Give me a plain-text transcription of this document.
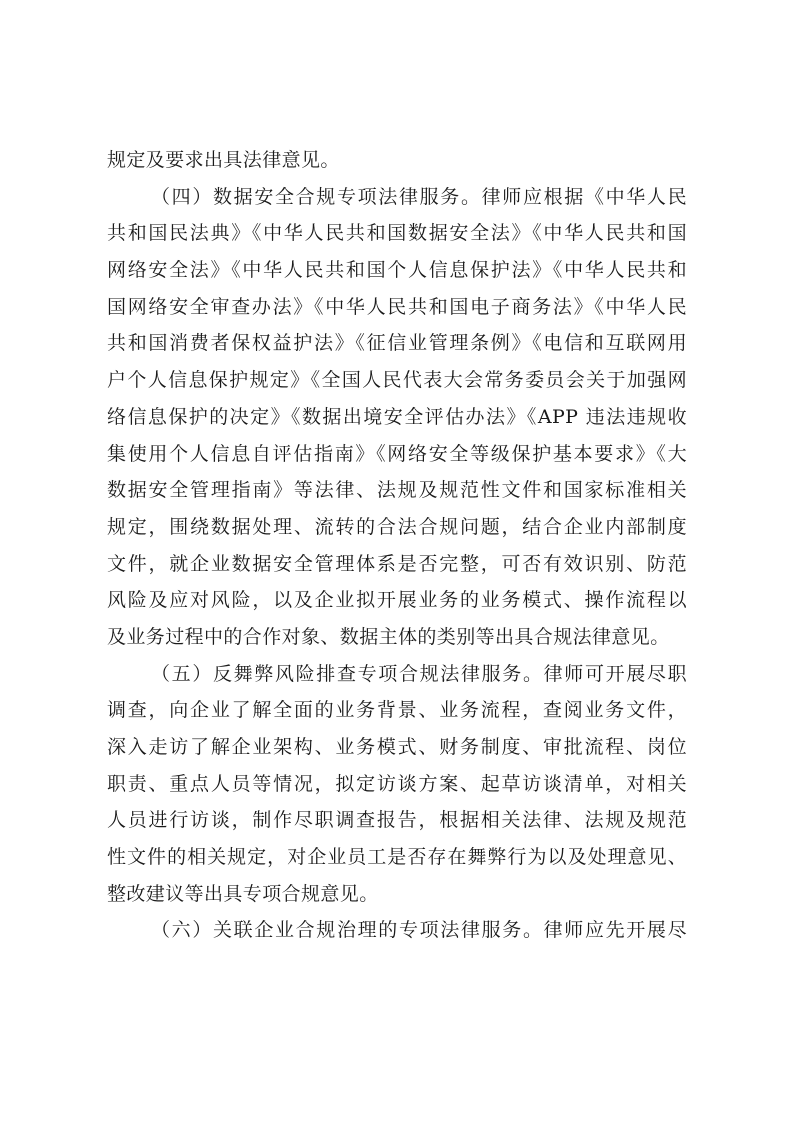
规定及要求出具法律意见。
（四）数据安全合规专项法律服务。律师应根据《中华人民
共和国民法典》《中华人民共和国数据安全法》《中华人民共和国
网络安全法》《中华人民共和国个人信息保护法》《中华人民共和
国网络安全审查办法》《中华人民共和国电子商务法》《中华人民
共和国消费者保权益护法》《征信业管理条例》《电信和互联网用
户个人信息保护规定》《全国人民代表大会常务委员会关于加强网
络信息保护的决定》《数据出境安全评估办法》《APP 违法违规收
集使用个人信息自评估指南》《网络安全等级保护基本要求》《大
数据安全管理指南》等法律、法规及规范性文件和国家标准相关
规定，围绕数据处理、流转的合法合规问题，结合企业内部制度
文件，就企业数据安全管理体系是否完整，可否有效识别、防范
风险及应对风险，以及企业拟开展业务的业务模式、操作流程以
及业务过程中的合作对象、数据主体的类别等出具合规法律意见。
（五）反舞弊风险排查专项合规法律服务。律师可开展尽职
调查，向企业了解全面的业务背景、业务流程，查阅业务文件，
深入走访了解企业架构、业务模式、财务制度、审批流程、岗位
职责、重点人员等情况，拟定访谈方案、起草访谈清单，对相关
人员进行访谈，制作尽职调查报告，根据相关法律、法规及规范
性文件的相关规定，对企业员工是否存在舞弊行为以及处理意见、
整改建议等出具专项合规意见。
（六）关联企业合规治理的专项法律服务。律师应先开展尽
